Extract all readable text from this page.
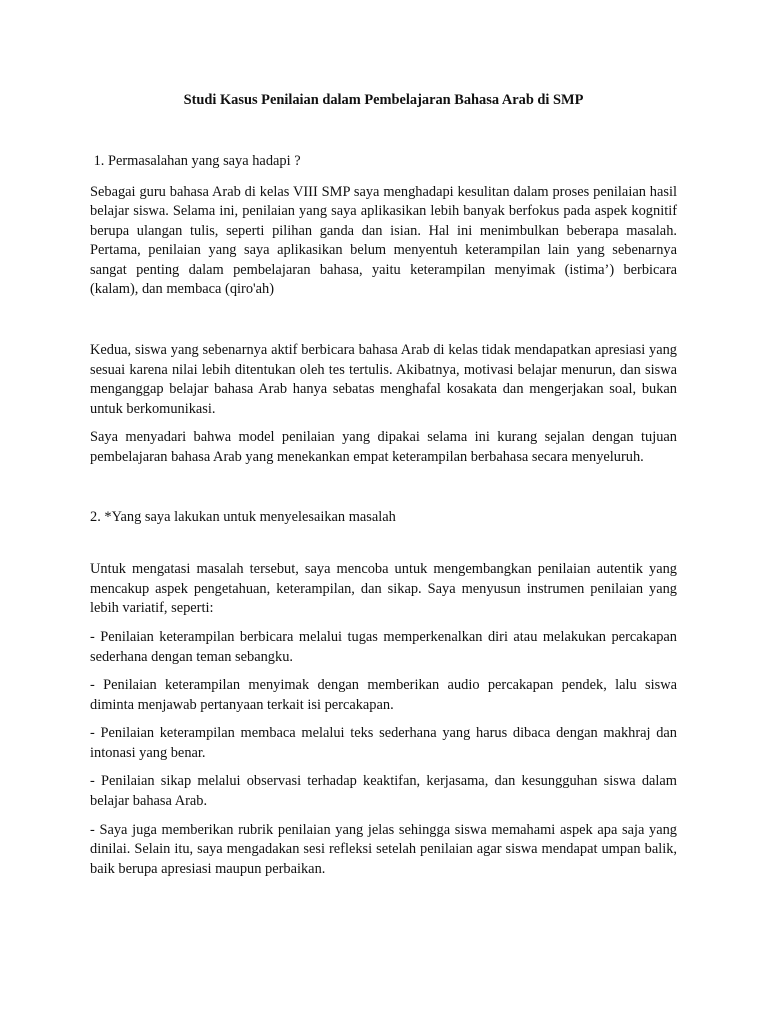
Studi Kasus Penilaian dalam Pembelajaran Bahasa Arab di SMP

1. Permasalahan yang saya hadapi ?

Sebagai guru bahasa Arab di kelas VIII SMP saya menghadapi kesulitan dalam proses penilaian hasil belajar siswa. Selama ini, penilaian yang saya aplikasikan lebih banyak berfokus pada aspek kognitif berupa ulangan tulis, seperti pilihan ganda dan isian. Hal ini menimbulkan beberapa masalah. Pertama, penilaian yang saya aplikasikan belum menyentuh keterampilan lain yang sebenarnya sangat penting dalam pembelajaran bahasa, yaitu keterampilan menyimak (istima’) berbicara (kalam), dan membaca (qiro'ah)

Kedua, siswa yang sebenarnya aktif berbicara bahasa Arab di kelas tidak mendapatkan apresiasi yang sesuai karena nilai lebih ditentukan oleh tes tertulis. Akibatnya, motivasi belajar menurun, dan siswa menganggap belajar bahasa Arab hanya sebatas menghafal kosakata dan mengerjakan soal, bukan untuk berkomunikasi.

Saya menyadari bahwa model penilaian yang dipakai selama ini kurang sejalan dengan tujuan pembelajaran bahasa Arab yang menekankan empat keterampilan berbahasa secara menyeluruh.

2. *Yang saya lakukan untuk menyelesaikan masalah

Untuk mengatasi masalah tersebut, saya mencoba untuk mengembangkan penilaian autentik yang mencakup aspek pengetahuan, keterampilan, dan sikap. Saya menyusun instrumen penilaian yang lebih variatif, seperti:

- Penilaian keterampilan berbicara melalui tugas memperkenalkan diri atau melakukan percakapan sederhana dengan teman sebangku.

- Penilaian keterampilan menyimak dengan memberikan audio percakapan pendek, lalu siswa diminta menjawab pertanyaan terkait isi percakapan.

- Penilaian keterampilan membaca melalui teks sederhana yang harus dibaca dengan makhraj dan intonasi yang benar.

- Penilaian sikap melalui observasi terhadap keaktifan, kerjasama, dan kesungguhan siswa dalam belajar bahasa Arab.

- Saya juga memberikan rubrik penilaian yang jelas sehingga siswa memahami aspek apa saja yang dinilai. Selain itu, saya mengadakan sesi refleksi setelah penilaian agar siswa mendapat umpan balik, baik berupa apresiasi maupun perbaikan.
